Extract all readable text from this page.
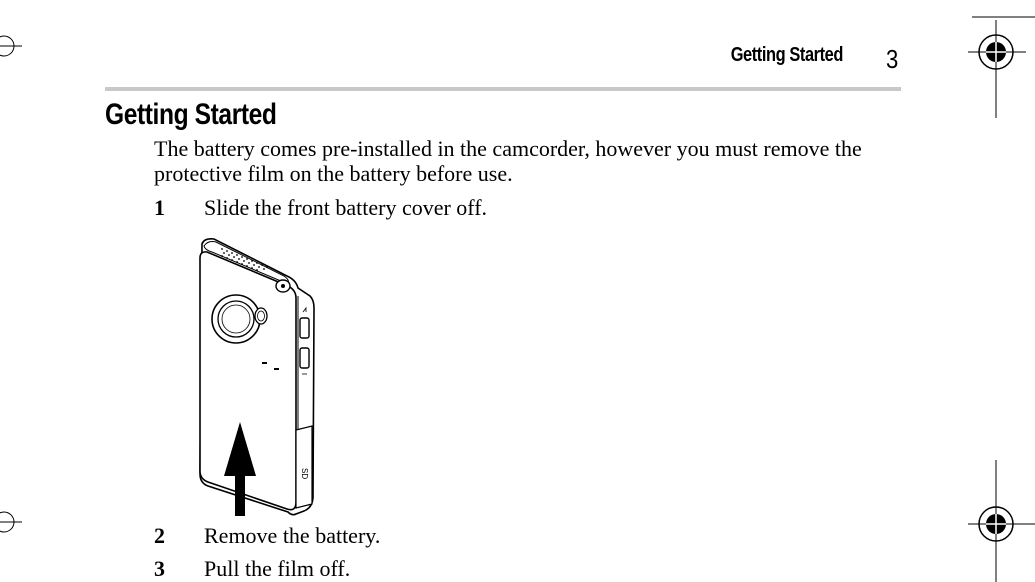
Getting Started 3
Getting Started
The battery comes pre-installed in the camcorder, however you must remove the protective film on the battery before use.
1 Slide the front battery cover off.
SD
2 Remove the battery.
3 Pull the film off.
